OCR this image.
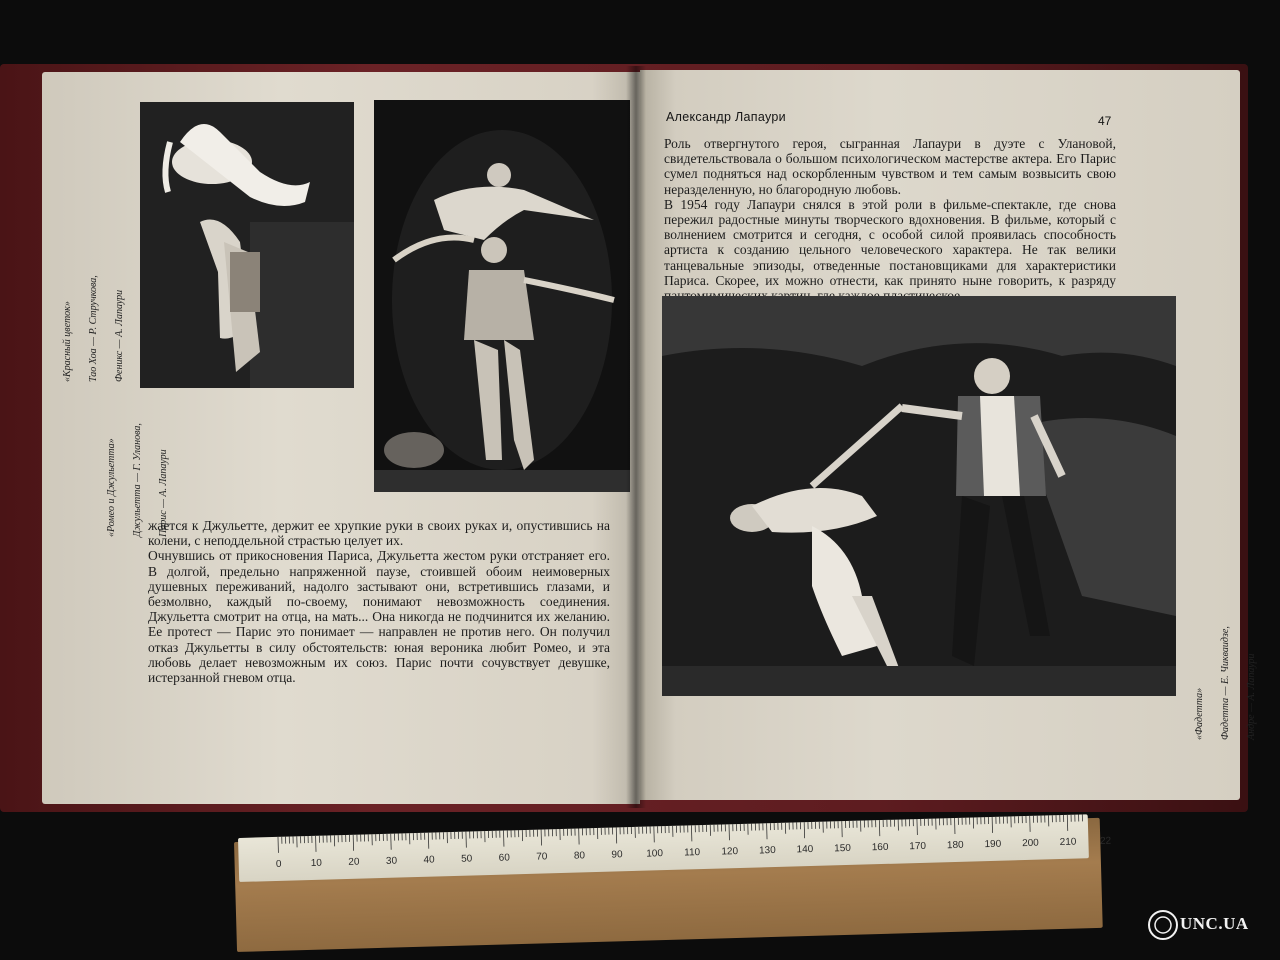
«Ромео и Джульетта» Джульетта — Г. Уланова, Парис — А. Лапаури

«Красный цветок» Тао Хоа — Р. Стручкова, Феникс — А. Лапаури

жается к Джульетте, держит ее хрупкие руки в своих руках и, опустившись на колени, с неподдельной страстью целует их.

Очнувшись от прикосновения Париса, Джульетта жестом руки отстраняет его. В долгой, предельно напряженной паузе, стоившей обоим неимоверных душевных переживаний, надолго застывают они, встретившись глазами, и безмолвно, каждый по-своему, понимают невозможность соединения. Джульетта смотрит на отца, на мать... Она никогда не подчинится их желанию. Ее протест — Парис это понимает — направлен не против него. Он получил отказ Джульетты в силу обстоятельств: юная вероника любит Ромео, и эта любовь делает невозможным их союз. Парис почти сочувствует девушке, истерзанной гневом отца.

Александр Лапаури	47

Роль отвергнутого героя, сыгранная Лапаури в дуэте с Улановой, свидетельствовала о большом психологическом мастерстве актера. Его Парис сумел подняться над оскорбленным чувством и тем самым возвысить свою неразделенную, но благородную любовь.

В 1954 году Лапаури снялся в этой роли в фильме-спектакле, где снова пережил радостные минуты творческого вдохновения. В фильме, который с волнением смотрится и сегодня, с особой силой проявилась способность артиста к созданию цельного человеческого характера. Не так велики танцевальные эпизоды, отведенные постановщиками для характеристики Париса. Скорее, их можно отнести, как принято ныне говорить, к разряду

«Фадетта» Фадетта — Е. Чикваидзе, Андре — А. Лапаури

0	10	20	30	40	50	60	70	80	90 100 110 120 130 140 150 160 170 180 190 200 210 22
UNC.UA
